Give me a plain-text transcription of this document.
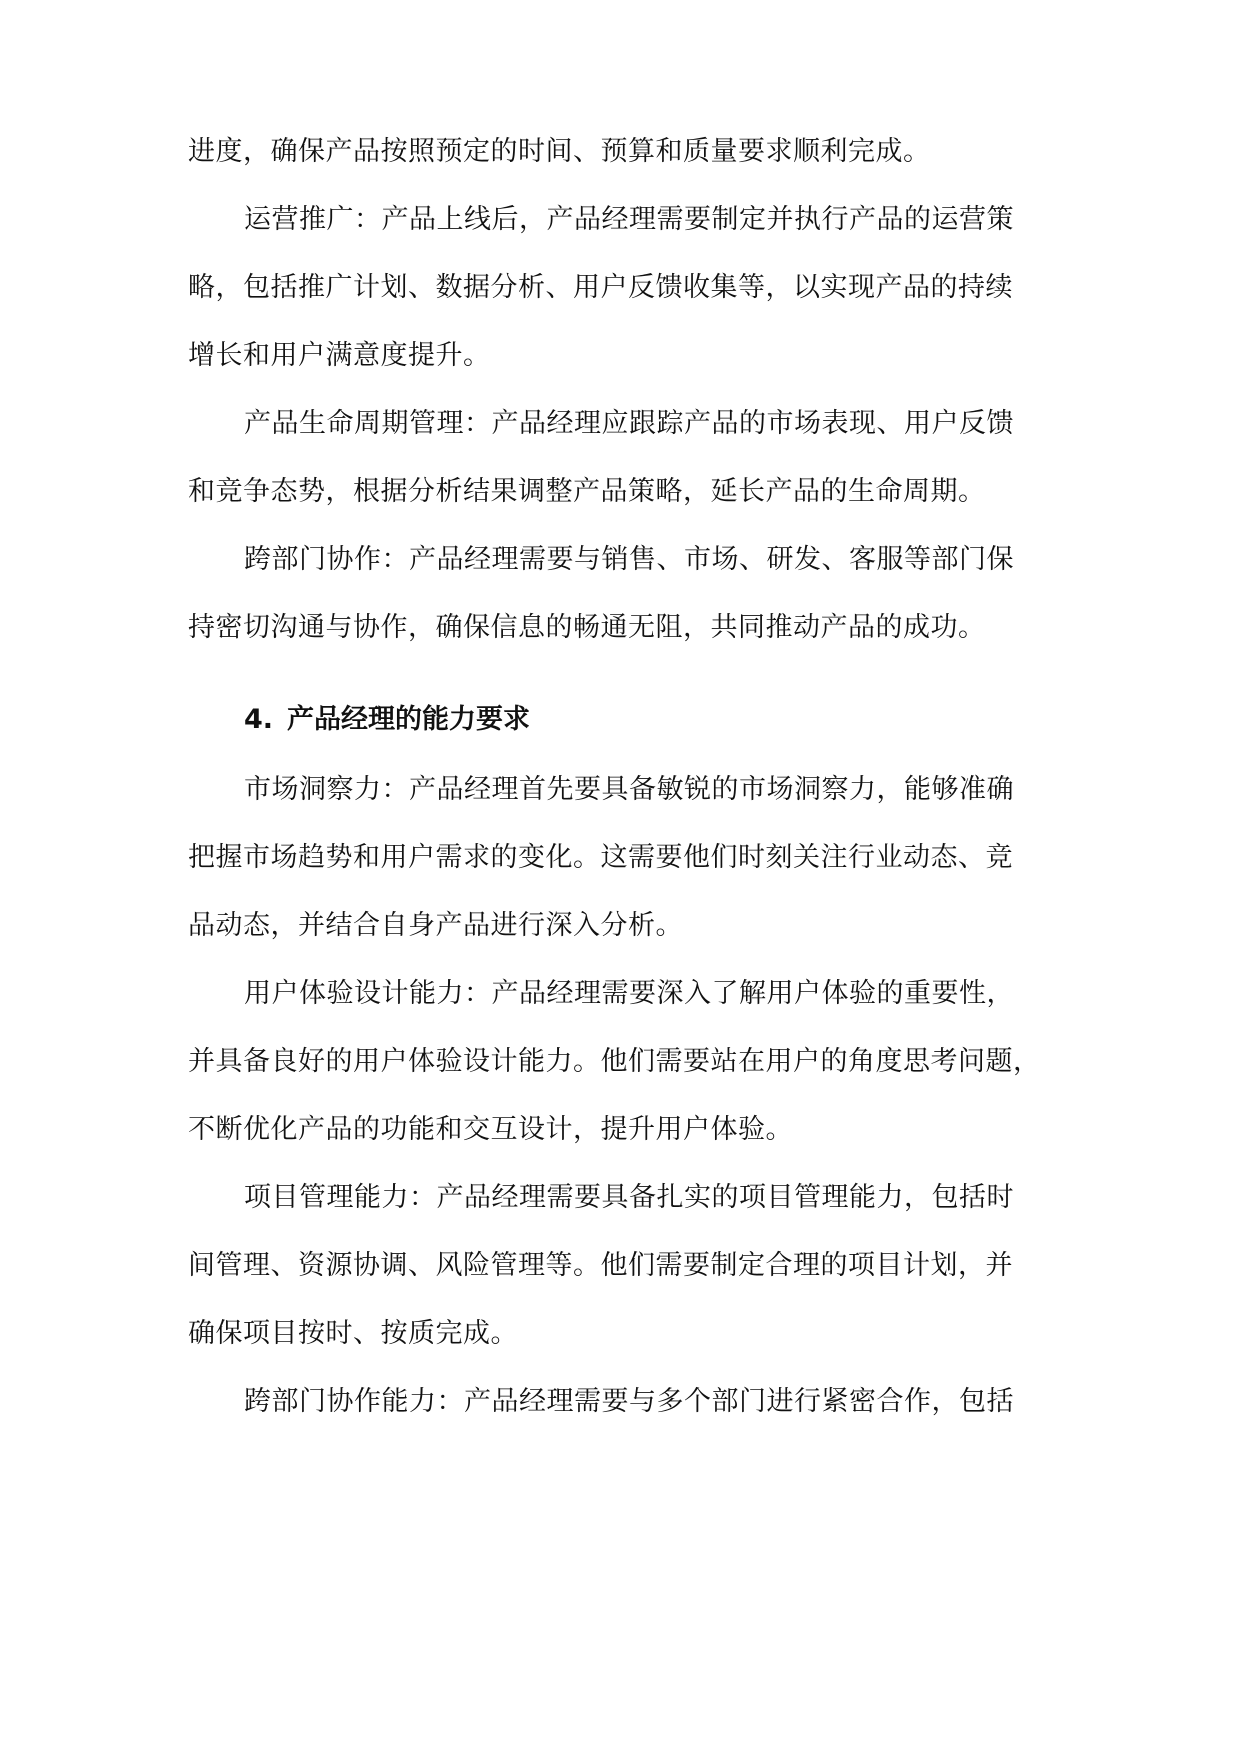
进度，确保产品按照预定的时间、预算和质量要求顺利完成。
运营推广：产品上线后，产品经理需要制定并执行产品的运营策
略，包括推广计划、数据分析、用户反馈收集等，以实现产品的持续
增长和用户满意度提升。
产品生命周期管理：产品经理应跟踪产品的市场表现、用户反馈
和竞争态势，根据分析结果调整产品策略，延长产品的生命周期。
跨部门协作：产品经理需要与销售、市场、研发、客服等部门保
持密切沟通与协作，确保信息的畅通无阻，共同推动产品的成功。
4. 产品经理的能力要求
市场洞察力：产品经理首先要具备敏锐的市场洞察力，能够准确
把握市场趋势和用户需求的变化。这需要他们时刻关注行业动态、竞
品动态，并结合自身产品进行深入分析。
用户体验设计能力：产品经理需要深入了解用户体验的重要性，
并具备良好的用户体验设计能力。他们需要站在用户的角度思考问题，
不断优化产品的功能和交互设计，提升用户体验。
项目管理能力：产品经理需要具备扎实的项目管理能力，包括时
间管理、资源协调、风险管理等。他们需要制定合理的项目计划，并
确保项目按时、按质完成。
跨部门协作能力：产品经理需要与多个部门进行紧密合作，包括
